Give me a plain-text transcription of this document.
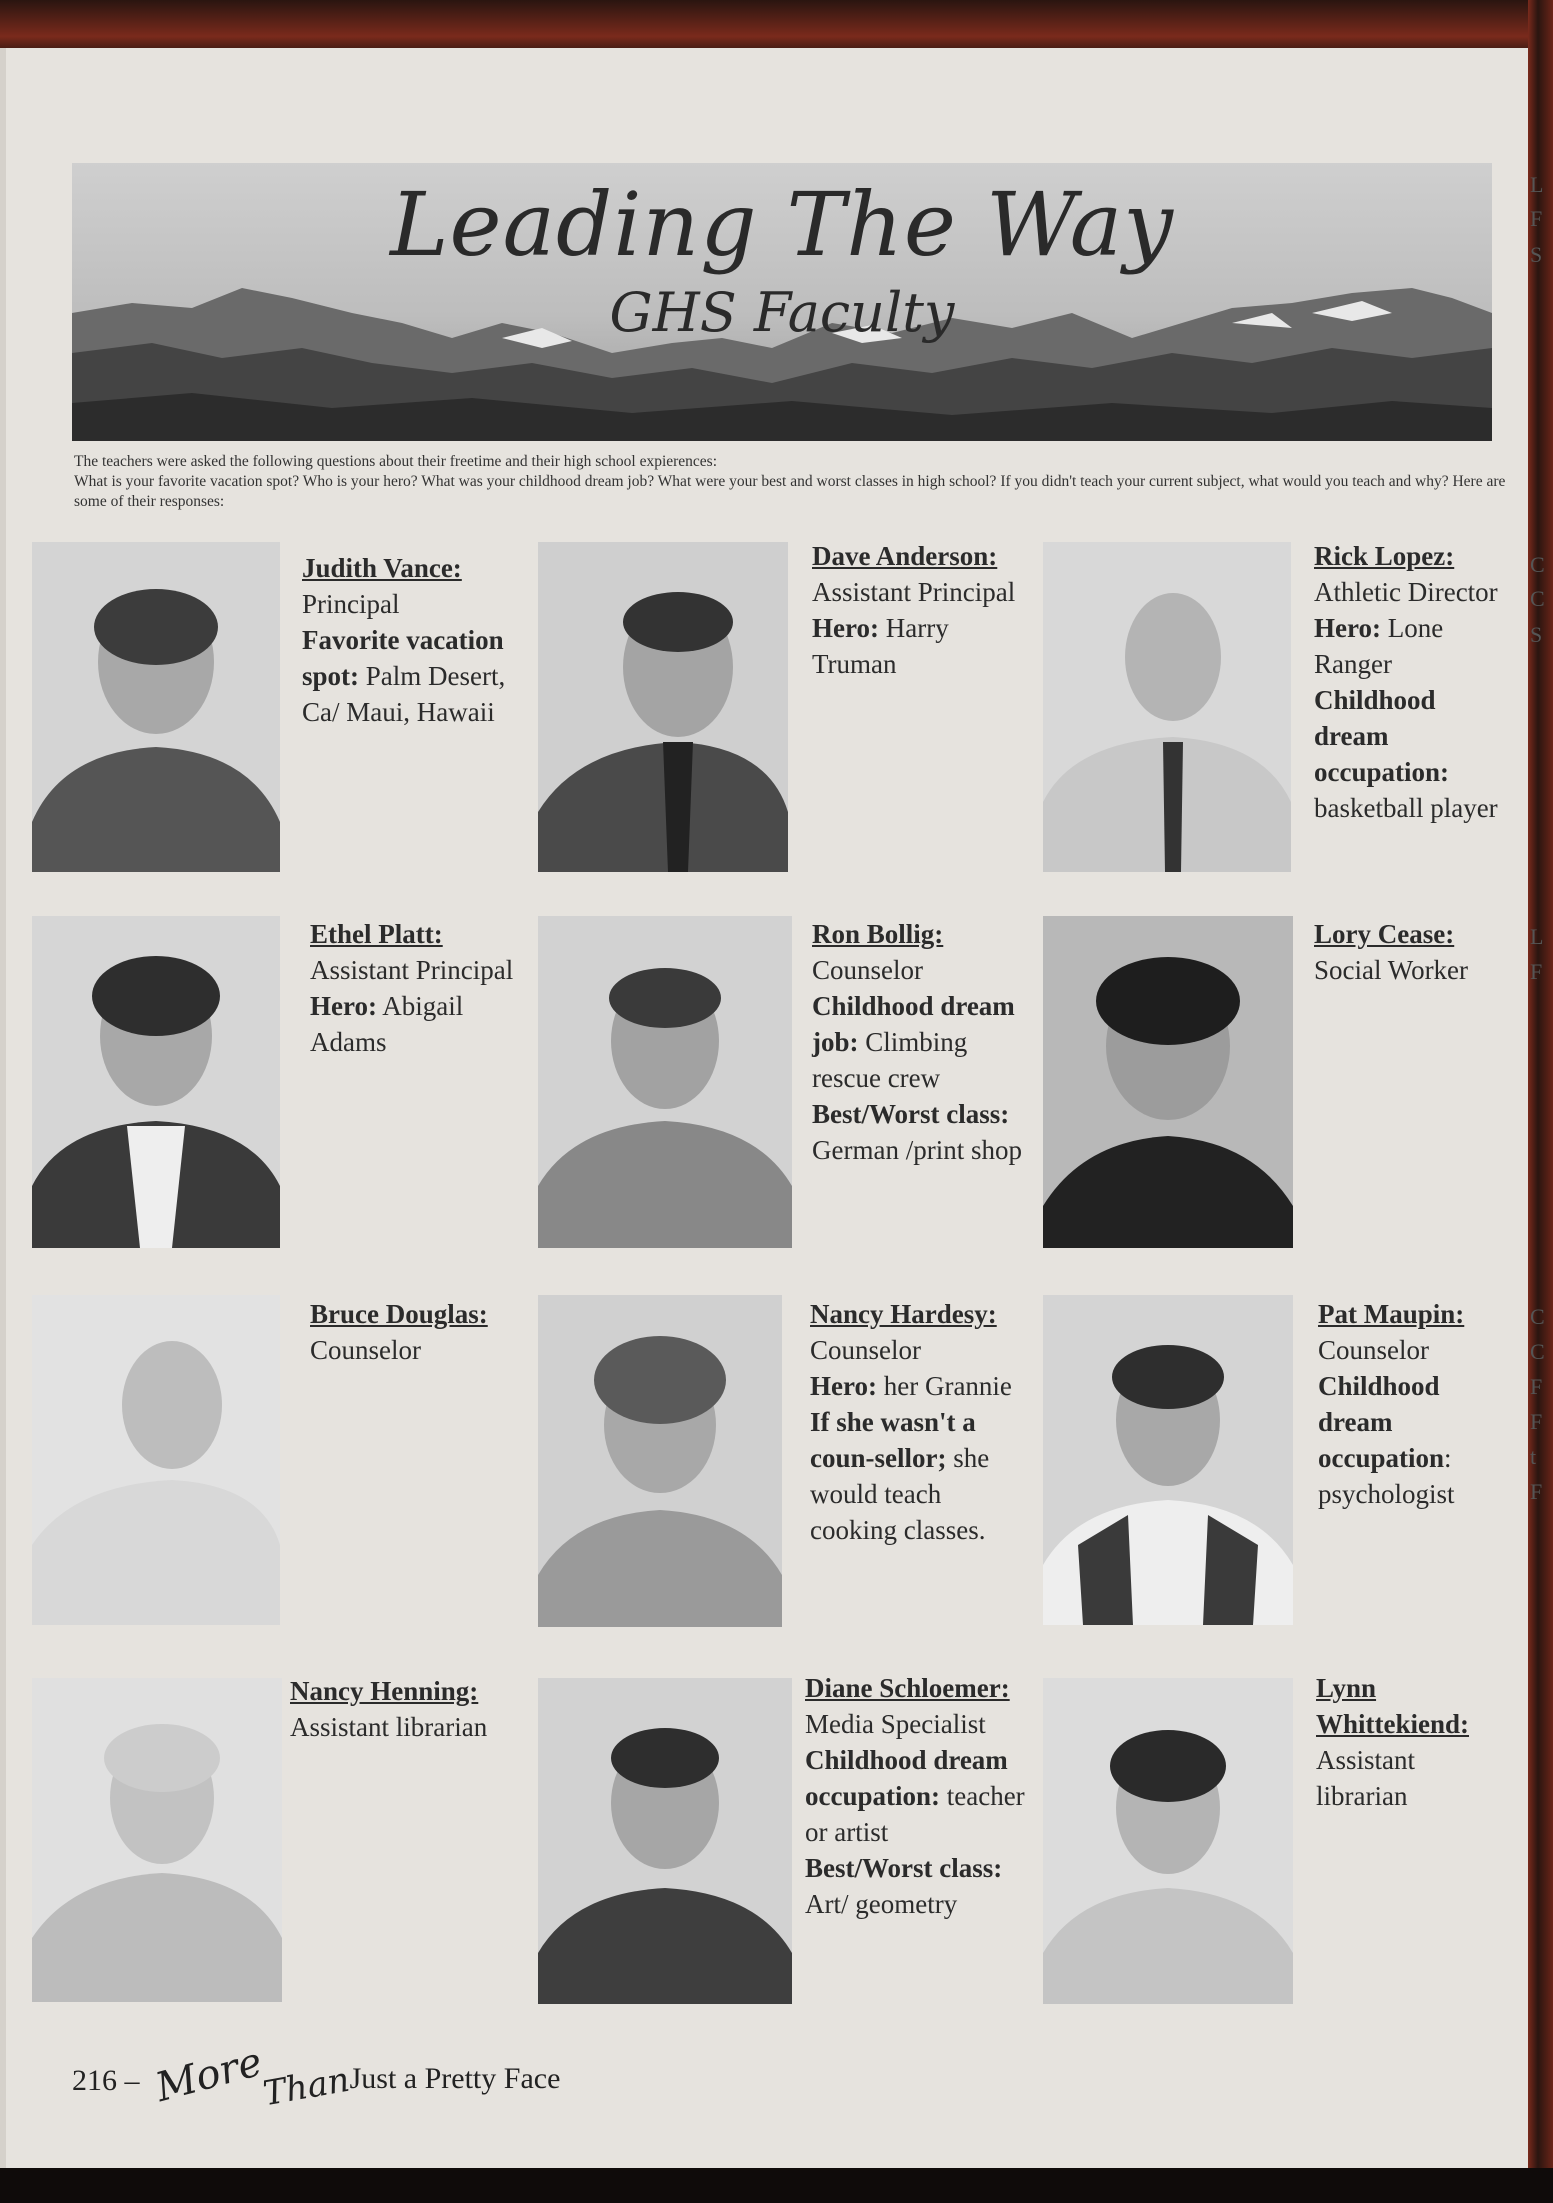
L
F
S
C
C
S
L
F
C
C
F
F
t
F
Leading The Way
GHS Faculty
The teachers were asked the following questions about their freetime and their high school expierences:
What is your favorite vacation spot? Who is your hero? What was your childhood dream job? What were your best and worst classes in high school? If you didn't teach your current subject, what would you teach and why? Here are some of their responses:
Judith Vance:
Principal
Favorite vacation spot: Palm Desert, Ca/ Maui, Hawaii
Dave Anderson:
Assistant Principal
Hero: Harry Truman
Rick Lopez:
Athletic Director
Hero: Lone Ranger
Childhood dream occupation: basketball player
Ethel Platt:
Assistant Principal
Hero: Abigail Adams
Ron Bollig:
Counselor
Childhood dream job: Climbing rescue crew
Best/Worst class: German /print shop
Lory Cease:
Social Worker
Bruce Douglas:
Counselor
Nancy Hardesy:
Counselor
Hero: her Grannie If she wasn't a coun-sellor; she would teach cooking classes.
Pat Maupin:
Counselor
Childhood dream occupation: psychologist
Nancy Henning:
Assistant librarian
Diane Schloemer:
Media Specialist
Childhood dream occupation: teacher or artist
Best/Worst class: Art/ geometry
Lynn Whittekiend:
Assistant librarian
216 – MoreThanJust a Pretty Face
